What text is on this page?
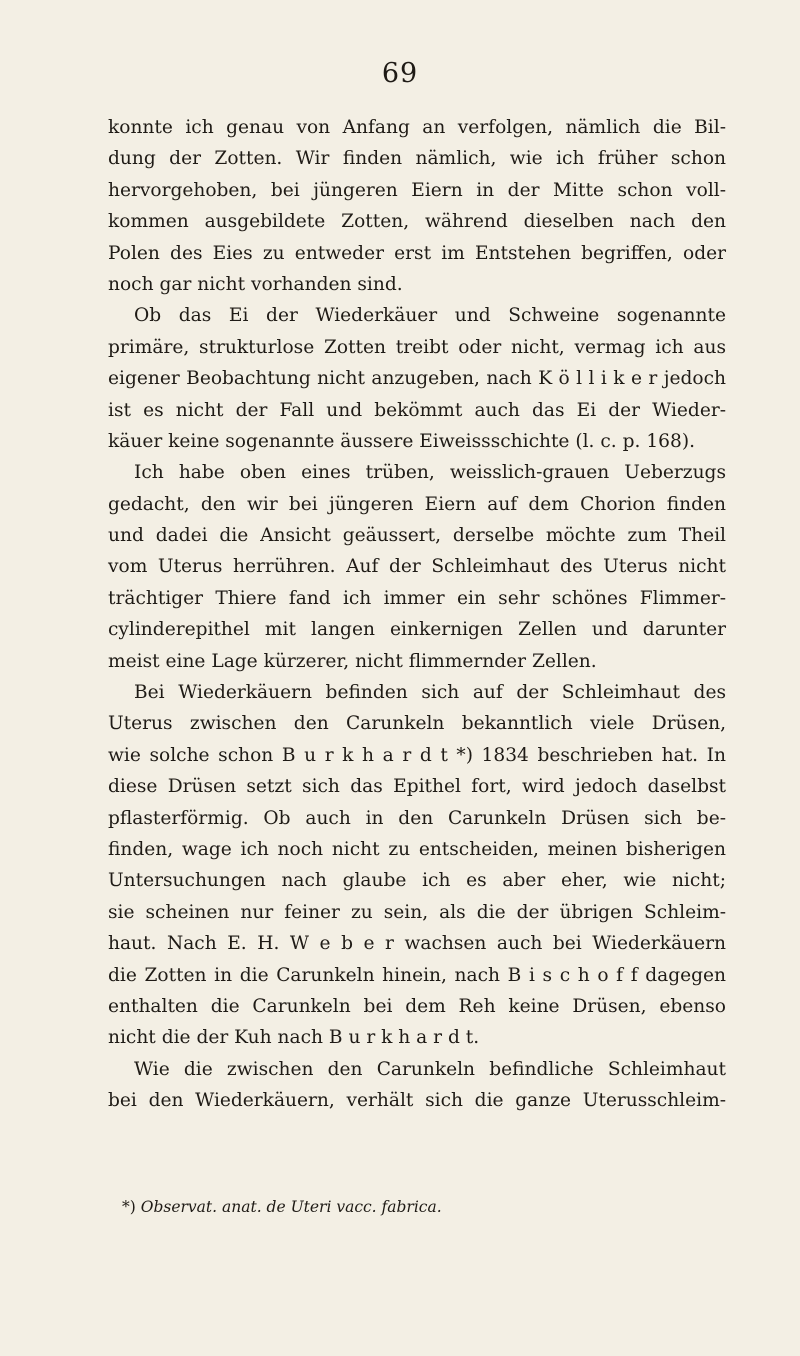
69
konnte ich genau von Anfang an verfolgen, nämlich die Bil-
dung der Zotten. Wir finden nämlich, wie ich früher schon
hervorgehoben, bei jüngeren Eiern in der Mitte schon voll-
kommen ausgebildete Zotten, während dieselben nach den
Polen des Eies zu entweder erst im Entstehen begriffen, oder
noch gar nicht vorhanden sind.
Ob das Ei der Wiederkäuer und Schweine sogenannte
primäre, strukturlose Zotten treibt oder nicht, vermag ich aus
eigener Beobachtung nicht anzugeben, nach K ö l l i k e r jedoch
ist es nicht der Fall und bekömmt auch das Ei der Wieder-
käuer keine sogenannte äussere Eiweissschichte (l. c. p. 168).
Ich habe oben eines trüben, weisslich-grauen Ueberzugs
gedacht, den wir bei jüngeren Eiern auf dem Chorion finden
und dadei die Ansicht geäussert, derselbe möchte zum Theil
vom Uterus herrühren. Auf der Schleimhaut des Uterus nicht
trächtiger Thiere fand ich immer ein sehr schönes Flimmer-
cylinderepithel mit langen einkernigen Zellen und darunter
meist eine Lage kürzerer, nicht flimmernder Zellen.
Bei Wiederkäuern befinden sich auf der Schleimhaut des
Uterus zwischen den Carunkeln bekanntlich viele Drüsen,
wie solche schon B u r k h a r d t *) 1834 beschrieben hat. In
diese Drüsen setzt sich das Epithel fort, wird jedoch daselbst
pflasterförmig. Ob auch in den Carunkeln Drüsen sich be-
finden, wage ich noch nicht zu entscheiden, meinen bisherigen
Untersuchungen nach glaube ich es aber eher, wie nicht;
sie scheinen nur feiner zu sein, als die der übrigen Schleim-
haut. Nach E. H. W e b e r wachsen auch bei Wiederkäuern
die Zotten in die Carunkeln hinein, nach B i s c h o f f dagegen
enthalten die Carunkeln bei dem Reh keine Drüsen, ebenso
nicht die der Kuh nach B u r k h a r d t.
Wie die zwischen den Carunkeln befindliche Schleimhaut
bei den Wiederkäuern, verhält sich die ganze Uterusschleim-
*) Observat. anat. de Uteri vacc. fabrica.
